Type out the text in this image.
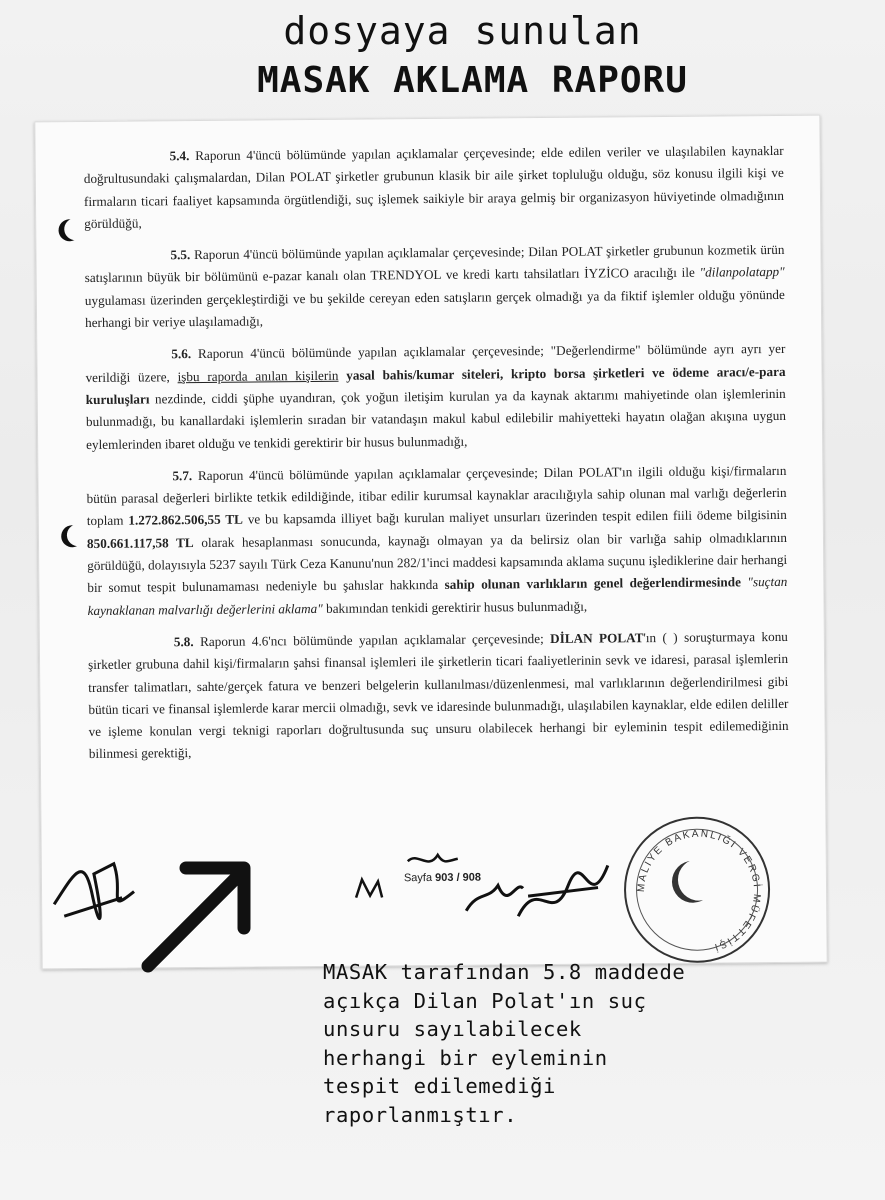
dosyaya sunulan
MASAK AKLAMA RAPORU

5.4. Raporun 4'üncü bölümünde yapılan açıklamalar çerçevesinde; elde edilen veriler ve ulaşılabilen kaynaklar doğrultusundaki çalışmalardan, Dilan POLAT şirketler grubunun klasik bir aile şirket topluluğu olduğu, söz konusu ilgili kişi ve firmaların ticari faaliyet kapsamında örgütlendiği, suç işlemek saikiyle bir araya gelmiş bir organizasyon hüviyetinde olmadığının görüldüğü,

5.5. Raporun 4'üncü bölümünde yapılan açıklamalar çerçevesinde; Dilan POLAT şirketler grubunun kozmetik ürün satışlarının büyük bir bölümünü e-pazar kanalı olan TRENDYOL ve kredi kartı tahsilatları İYZİCO aracılığı ile "dilanpolatapp" uygulaması üzerinden gerçekleştirdiği ve bu şekilde cereyan eden satışların gerçek olmadığı ya da fiktif işlemler olduğu yönünde herhangi bir veriye ulaşılamadığı,

5.6. Raporun 4'üncü bölümünde yapılan açıklamalar çerçevesinde; "Değerlendirme" bölümünde ayrı ayrı yer verildiği üzere, işbu raporda anılan kişilerin yasal bahis/kumar siteleri, kripto borsa şirketleri ve ödeme aracı/e-para kuruluşları nezdinde, ciddi şüphe uyandıran, çok yoğun iletişim kurulan ya da kaynak aktarımı mahiyetinde olan işlemlerinin bulunmadığı, bu kanallardaki işlemlerin sıradan bir vatandaşın makul kabul edilebilir mahiyetteki hayatın olağan akışına uygun eylemlerinden ibaret olduğu ve tenkidi gerektirir bir husus bulunmadığı,

5.7. Raporun 4'üncü bölümünde yapılan açıklamalar çerçevesinde; Dilan POLAT'ın ilgili olduğu kişi/firmaların bütün parasal değerleri birlikte tetkik edildiğinde, itibar edilir kurumsal kaynaklar aracılığıyla sahip olunan mal varlığı değerlerin toplam 1.272.862.506,55 TL ve bu kapsamda illiyet bağı kurulan maliyet unsurları üzerinden tespit edilen fiili ödeme bilgisinin 850.661.117,58 TL olarak hesaplanması sonucunda, kaynağı olmayan ya da belirsiz olan bir varlığa sahip olmadıklarının görüldüğü, dolayısıyla 5237 sayılı Türk Ceza Kanunu'nun 282/1'inci maddesi kapsamında aklama suçunu işlediklerine dair herhangi bir somut tespit bulunamaması nedeniyle bu şahıslar hakkında sahip olunan varlıkların genel değerlendirmesinde "suçtan kaynaklanan malvarlığı değerlerini aklama" bakımından tenkidi gerektirir husus bulunmadığı,

5.8. Raporun 4.6'ncı bölümünde yapılan açıklamalar çerçevesinde; DİLAN POLAT'ın ( ) soruşturmaya konu şirketler grubuna dahil kişi/firmaların şahsi finansal işlemleri ile şirketlerin ticari faaliyetlerinin sevk ve idaresi, parasal işlemlerin transfer talimatları, sahte/gerçek fatura ve benzeri belgelerin kullanılması/düzenlenmesi, mal varlıklarının değerlendirilmesi gibi bütün ticari ve finansal işlemlerde karar mercii olmadığı, sevk ve idaresinde bulunmadığı, ulaşılabilen kaynaklar, elde edilen deliller ve işleme konulan vergi teknigi raporları doğrultusunda suç unsuru olabilecek herhangi bir eyleminin tespit edilemediğinin bilinmesi gerektiği,

Sayfa 903 / 908
MALİYE BAKANLIĞI VERGİ MÜFETTİŞİ
MASAK tarafından 5.8 maddede
açıkça Dilan Polat'ın suç
unsuru sayılabilecek
herhangi bir eyleminin
tespit edilemediği
raporlanmıştır.
